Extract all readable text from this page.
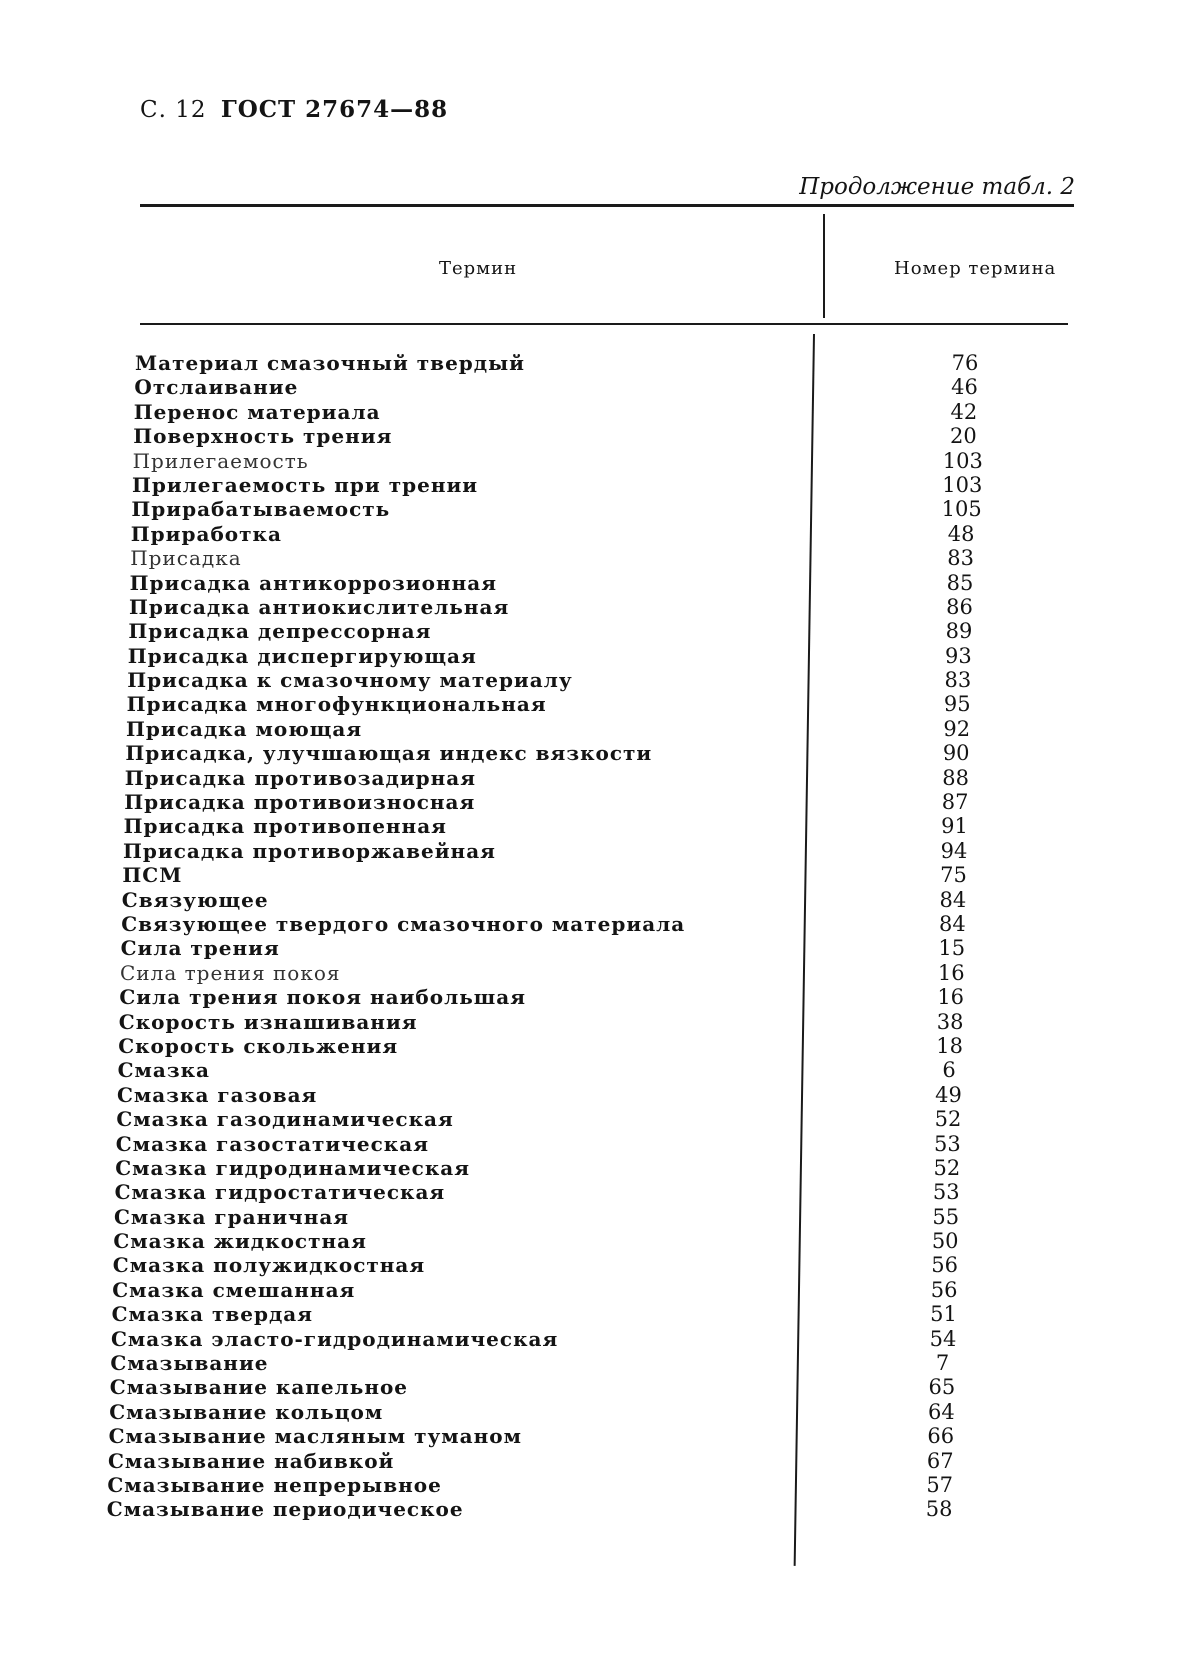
С. 12 ГОСТ 27674—88
Продолжение табл. 2
Термин	Номер термина
Материал смазочный твердый	76
Отслаивание	46
Перенос материала	42
Поверхность трения	20
Прилегаемость	103
Прилегаемость при трении	103
Прирабатываемость	105
Приработка	48
Присадка	83
Присадка антикоррозионная	85
Присадка антиокислительная	86
Присадка депрессорная	89
Присадка диспергирующая	93
Присадка к смазочному материалу	83
Присадка многофункциональная	95
Присадка моющая	92
Присадка, улучшающая индекс вязкости	90
Присадка противозадирная	88
Присадка противоизносная	87
Присадка противопенная	91
Присадка противоржавейная	94
ПСМ	75
Связующее	84
Связующее твердого смазочного материала	84
Сила трения	15
Сила трения покоя	16
Сила трения покоя наибольшая	16
Скорость изнашивания	38
Скорость скольжения	18
Смазка	6
Смазка газовая	49
Смазка газодинамическая	52
Смазка газостатическая	53
Смазка гидродинамическая	52
Смазка гидростатическая	53
Смазка граничная	55
Смазка жидкостная	50
Смазка полужидкостная	56
Смазка смешанная	56
Смазка твердая	51
Смазка эласто-гидродинамическая	54
Смазывание	7
Смазывание капельное	65
Смазывание кольцом	64
Смазывание масляным туманом	66
Смазывание набивкой	67
Смазывание непрерывное	57
Смазывание периодическое	58
